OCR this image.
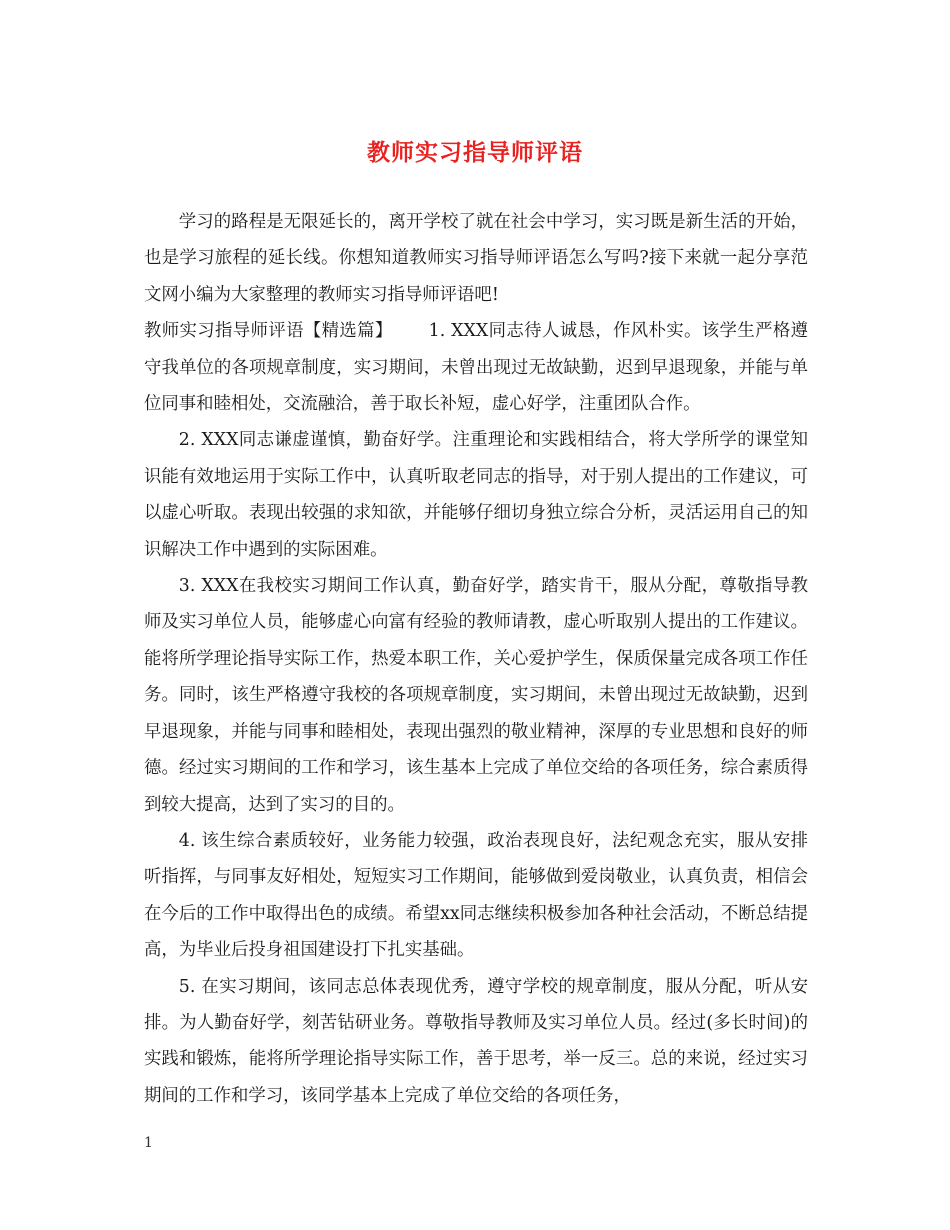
教师实习指导师评语

学习的路程是无限延长的，离开学校了就在社会中学习，实习既是新生活的开始，也是学习旅程的延长线。你想知道教师实习指导师评语怎么写吗?接下来就一起分享范文网小编为大家整理的教师实习指导师评语吧!

教师实习指导师评语【精选篇】 1. XXX同志待人诚恳，作风朴实。该学生严格遵守我单位的各项规章制度，实习期间，未曾出现过无故缺勤，迟到早退现象，并能与单位同事和睦相处，交流融洽，善于取长补短，虚心好学，注重团队合作。

2. XXX同志谦虚谨慎，勤奋好学。注重理论和实践相结合，将大学所学的课堂知识能有效地运用于实际工作中，认真听取老同志的指导，对于别人提出的工作建议，可以虚心听取。表现出较强的求知欲，并能够仔细切身独立综合分析，灵活运用自己的知识解决工作中遇到的实际困难。

3. XXX在我校实习期间工作认真，勤奋好学，踏实肯干，服从分配，尊敬指导教师及实习单位人员，能够虚心向富有经验的教师请教，虚心听取别人提出的工作建议。能将所学理论指导实际工作，热爱本职工作，关心爱护学生，保质保量完成各项工作任务。同时，该生严格遵守我校的各项规章制度，实习期间，未曾出现过无故缺勤，迟到早退现象，并能与同事和睦相处，表现出强烈的敬业精神，深厚的专业思想和良好的师德。经过实习期间的工作和学习，该生基本上完成了单位交给的各项任务，综合素质得到较大提高，达到了实习的目的。

4. 该生综合素质较好，业务能力较强，政治表现良好，法纪观念充实，服从安排听指挥，与同事友好相处，短短实习工作期间，能够做到爱岗敬业，认真负责，相信会在今后的工作中取得出色的成绩。希望xx同志继续积极参加各种社会活动，不断总结提高，为毕业后投身祖国建设打下扎实基础。

5. 在实习期间，该同志总体表现优秀，遵守学校的规章制度，服从分配，听从安排。为人勤奋好学，刻苦钻研业务。尊敬指导教师及实习单位人员。经过(多长时间)的实践和锻炼，能将所学理论指导实际工作，善于思考，举一反三。总的来说，经过实习期间的工作和学习，该同学基本上完成了单位交给的各项任务，

1
